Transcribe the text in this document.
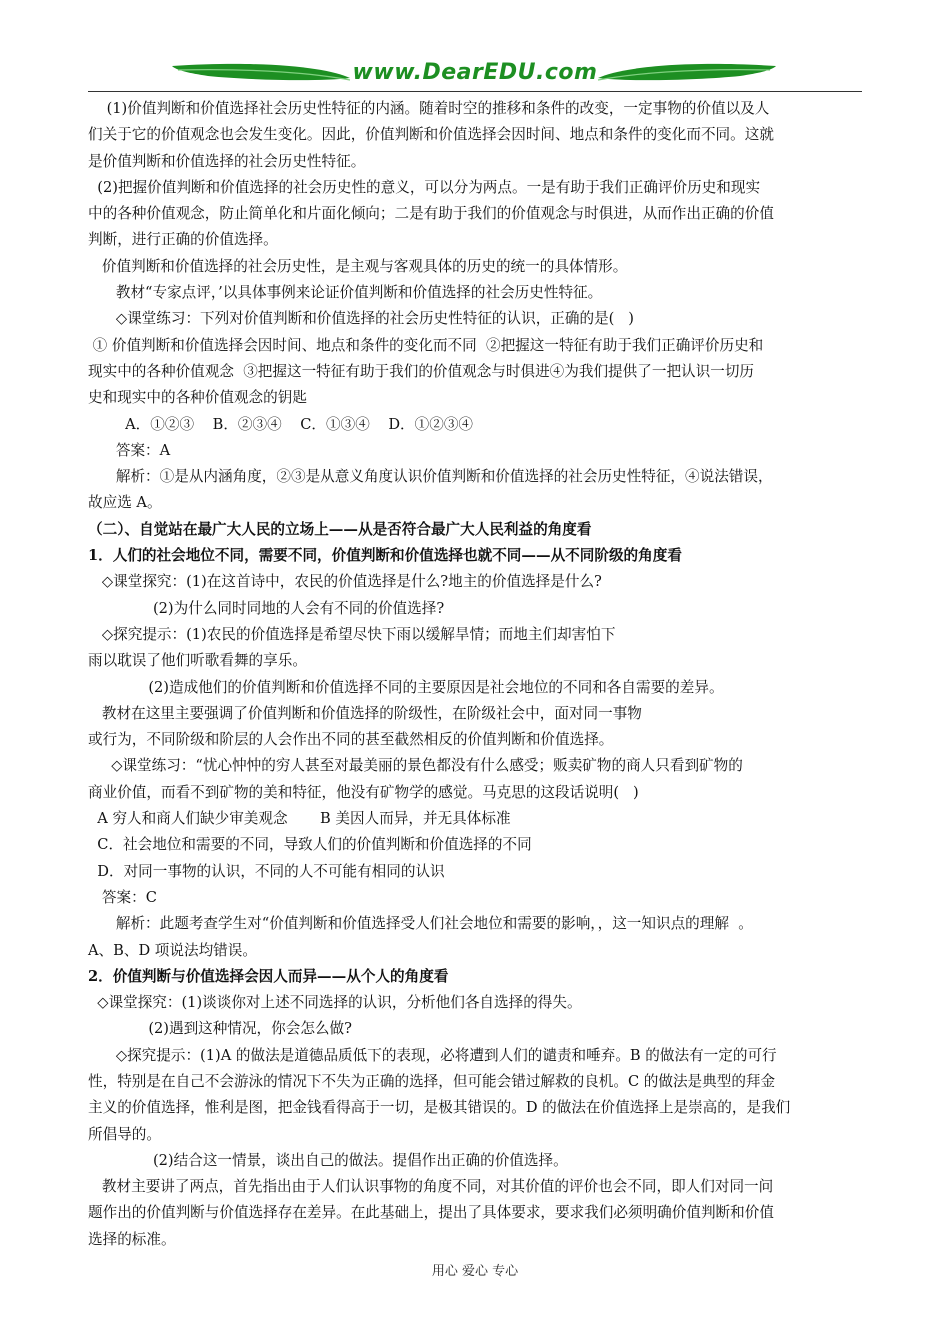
www.DearEDU.com

(1)价值判断和价值选择社会历史性特征的内涵。随着时空的推移和条件的改变，一定事物的价值以及人

们关于它的价值观念也会发生变化。因此，价值判断和价值选择会因时间、地点和条件的变化而不同。这就

是价值判断和价值选择的社会历史性特征。

(2)把握价值判断和价值选择的社会历史性的意义，可以分为两点。一是有助于我们正确评价历史和现实

中的各种价值观念，防止简单化和片面化倾向；二是有助于我们的价值观念与时俱进，从而作出正确的价值

判断，进行正确的价值选择。

价值判断和价值选择的社会历史性，是主观与客观具体的历史的统一的具体情形。

教材“专家点评，’以具体事例来论证价值判断和价值选择的社会历史性特征。

◇课堂练习：下列对价值判断和价值选择的社会历史性特征的认识，正确的是(   )

① 价值判断和价值选择会因时间、地点和条件的变化而不同  ②把握这一特征有助于我们正确评价历史和

现实中的各种价值观念  ③把握这一特征有助于我们的价值观念与时俱进④为我们提供了一把认识一切历

史和现实中的各种价值观念的钥匙

A．①②③    B．②③④    C．①③④    D．①②③④

答案：A

解析：①是从内涵角度，②③是从意义角度认识价值判断和价值选择的社会历史性特征，④说法错误，

故应选 A。

（二）、自觉站在最广大人民的立场上——从是否符合最广大人民利益的角度看

1．人们的社会地位不同，需要不同，价值判断和价值选择也就不同——从不同阶级的角度看

◇课堂探究：(1)在这首诗中，农民的价值选择是什么?地主的价值选择是什么?

(2)为什么同时同地的人会有不同的价值选择?

◇探究提示：(1)农民的价值选择是希望尽快下雨以缓解旱情；而地主们却害怕下

雨以耽误了他们听歌看舞的享乐。

(2)造成他们的价值判断和价值选择不同的主要原因是社会地位的不同和各自需要的差异。

教材在这里主要强调了价值判断和价值选择的阶级性，在阶级社会中，面对同一事物

或行为，不同阶级和阶层的人会作出不同的甚至截然相反的价值判断和价值选择。

◇课堂练习：“忧心忡忡的穷人甚至对最美丽的景色都没有什么感受；贩卖矿物的商人只看到矿物的

商业价值，而看不到矿物的美和特征，他没有矿物学的感觉。马克思的这段话说明(   )

A 穷人和商人们缺少审美观念       B 美因人而异，并无具体标准

C．社会地位和需要的不同，导致人们的价值判断和价值选择的不同

D．对同一事物的认识，不同的人不可能有相同的认识

答案：C

解析：此题考查学生对“价值判断和价值选择受人们社会地位和需要的影响，，这一知识点的理解  。

A、B、D 项说法均错误。

2．价值判断与价值选择会因人而异——从个人的角度看

◇课堂探究：(1)谈谈你对上述不同选择的认识，分析他们各自选择的得失。

(2)遇到这种情况，你会怎么做?

◇探究提示：(1)A 的做法是道德品质低下的表现，必将遭到人们的谴责和唾弃。B 的做法有一定的可行

性，特别是在自己不会游泳的情况下不失为正确的选择，但可能会错过解救的良机。C 的做法是典型的拜金

主义的价值选择，惟利是图，把金钱看得高于一切，是极其错误的。D 的做法在价值选择上是崇高的，是我们

所倡导的。

(2)结合这一情景，谈出自己的做法。提倡作出正确的价值选择。

教材主要讲了两点，首先指出由于人们认识事物的角度不同，对其价值的评价也会不同，即人们对同一问

题作出的价值判断与价值选择存在差异。在此基础上，提出了具体要求，要求我们必须明确价值判断和价值

选择的标准。

用心 爱心 专心
